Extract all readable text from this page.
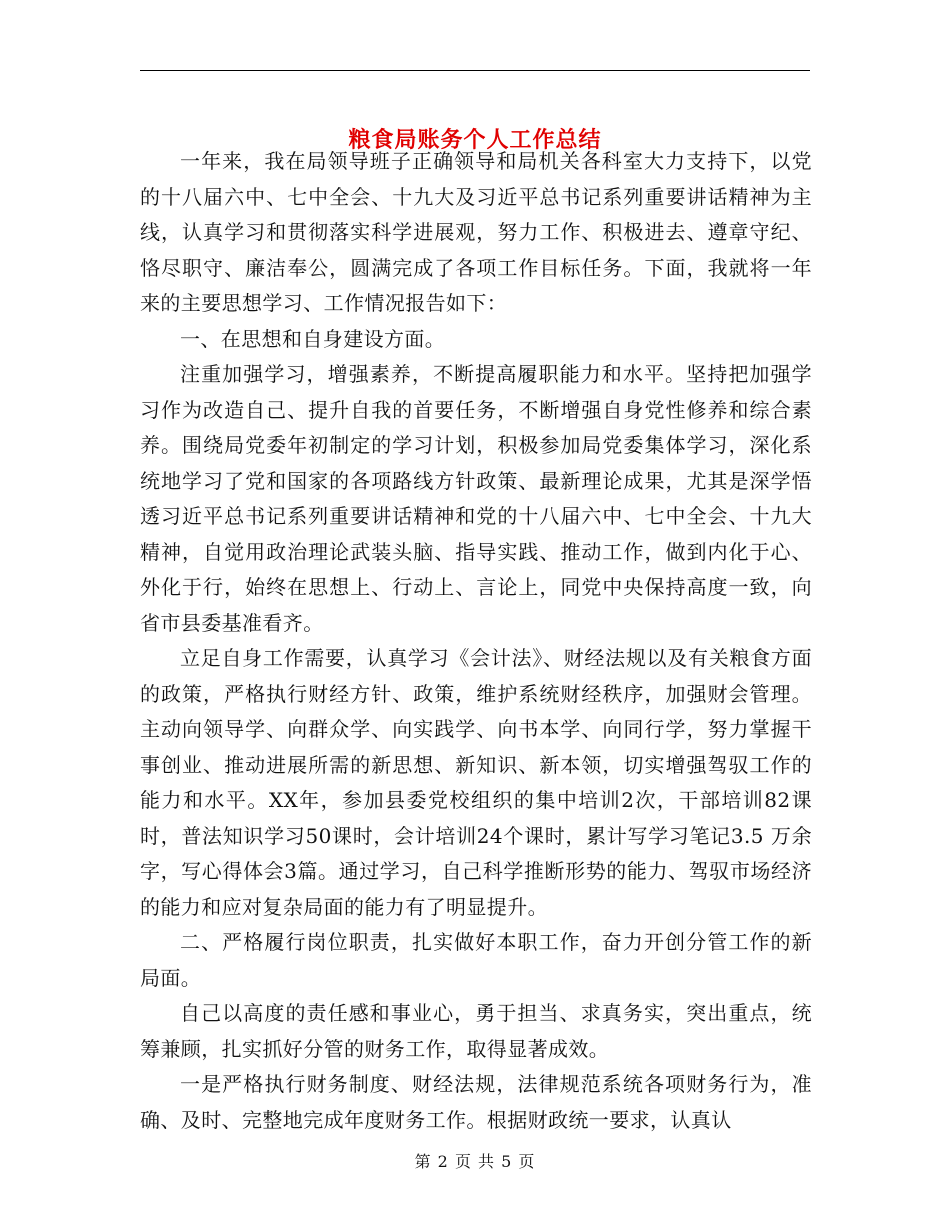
粮食局账务个人工作总结

一年来，我在局领导班子正确领导和局机关各科室大力支持下，以党的十八届六中、七中全会、十九大及习近平总书记系列重要讲话精神为主线，认真学习和贯彻落实科学进展观，努力工作、积极进去、遵章守纪、恪尽职守、廉洁奉公，圆满完成了各项工作目标任务。下面，我就将一年来的主要思想学习、工作情况报告如下：

一、在思想和自身建设方面。

注重加强学习，增强素养，不断提高履职能力和水平。坚持把加强学习作为改造自己、提升自我的首要任务，不断增强自身党性修养和综合素养。围绕局党委年初制定的学习计划，积极参加局党委集体学习，深化系统地学习了党和国家的各项路线方针政策、最新理论成果，尤其是深学悟透习近平总书记系列重要讲话精神和党的十八届六中、七中全会、十九大精神，自觉用政治理论武装头脑、指导实践、推动工作，做到内化于心、外化于行，始终在思想上、行动上、言论上，同党中央保持高度一致，向省市县委基准看齐。

立足自身工作需要，认真学习《会计法》、财经法规以及有关粮食方面的政策，严格执行财经方针、政策，维护系统财经秩序，加强财会管理。主动向领导学、向群众学、向实践学、向书本学、向同行学，努力掌握干事创业、推动进展所需的新思想、新知识、新本领，切实增强驾驭工作的能力和水平。XX年，参加县委党校组织的集中培训2次，干部培训82课时，普法知识学习50课时，会计培训24个课时，累计写学习笔记3.5 万余字，写心得体会3篇。通过学习，自己科学推断形势的能力、驾驭市场经济的能力和应对复杂局面的能力有了明显提升。

二、严格履行岗位职责，扎实做好本职工作，奋力开创分管工作的新局面。

自己以高度的责任感和事业心，勇于担当、求真务实，突出重点，统筹兼顾，扎实抓好分管的财务工作，取得显著成效。

一是严格执行财务制度、财经法规，法律规范系统各项财务行为，准确、及时、完整地完成年度财务工作。根据财政统一要求，认真认

第 2 页 共 5 页
